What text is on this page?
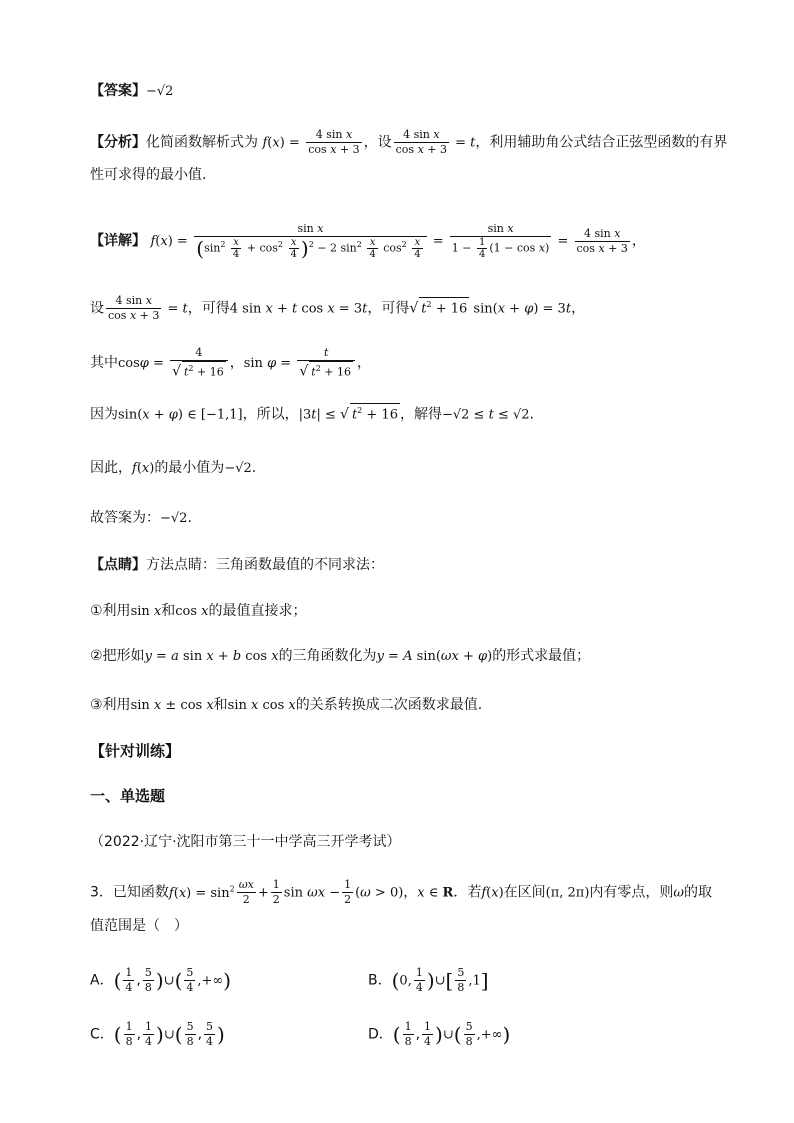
【答案】−√2
【分析】化简函数解析式为 $f(x) = \frac{\text{4 sin x}}{\text{cos x + 3}}$ ，设 $\frac{\text{4 sin x}}{\text{cos x + 3}} = t$，利用辅助角公式结合正弦型函数的有界
性可求得的最小值.
【详解】 $f(x) = \frac{\text{sin x}}{(\sin^2 \frac{x}{4} + \cos^2 \frac{x}{4} )^2 - 2 \sin^2 \frac{x}{4} \cos^2 \frac{x}{4}} = \frac{\text{sin x}}{1 - \frac{1}{4} (1 - \cos x)} = \frac{\text{4 sin x}}{\text{cos x + 3}}$ ，
设 $\frac{\text{4 sin x}}{\text{cos x + 3}} = t$，可得4 sin x + t cos x = 3t，可得√ $t^2 + 16$ sin(x + φ) = 3t，
其中$\cos\varphi = \frac{4}{√ t^2 + 16}$ ，$\sin \varphi = \frac{t}{√ t^2 + 16}$ ，
因为sin(x + φ) ∈ [−1,1]，所以，|3t| ≤ √ $t^2 + 16$ ，解得−√2 ≤ t ≤ √2.
因此，f(x)的最小值为−√2.
故答案为：−√2.
【点睛】方法点睛：三角函数最值的不同求法：
①利用sin x和cos x的最值直接求；
②把形如y = a sin x + b cos x的三角函数化为y = A sin(ωx + φ)的形式求最值；
③利用sin x ± cos x和sin x cos x的关系转换成二次函数求最值.
【针对训练】
一、单选题
（2022·辽宁·沈阳市第三十一中学高三开学考试）
3．已知函数$f(x) = \sin^2 \frac{\omega x}{2} + \frac{1}{2}$ $\sin \omega x - \frac{1}{2} (\omega > 0)$，x ∈ R．若f(x)在区间(π, 2π)内有零点，则ω的取
值范围是（　）
A．( $\frac{1}{4}$ , $\frac{5}{8}$ )∪( $\frac{5}{4}$ ,+∞)	B．(0, $\frac{1}{4}$ )∪[ $\frac{5}{8} ,1$]
C．( $\frac{1}{8}$ , $\frac{1}{4}$ )∪( $\frac{5}{8}$ , $\frac{5}{4}$ )	D．( $\frac{1}{8}$ , $\frac{1}{4}$ )∪( $\frac{5}{8}$ ,+∞)
